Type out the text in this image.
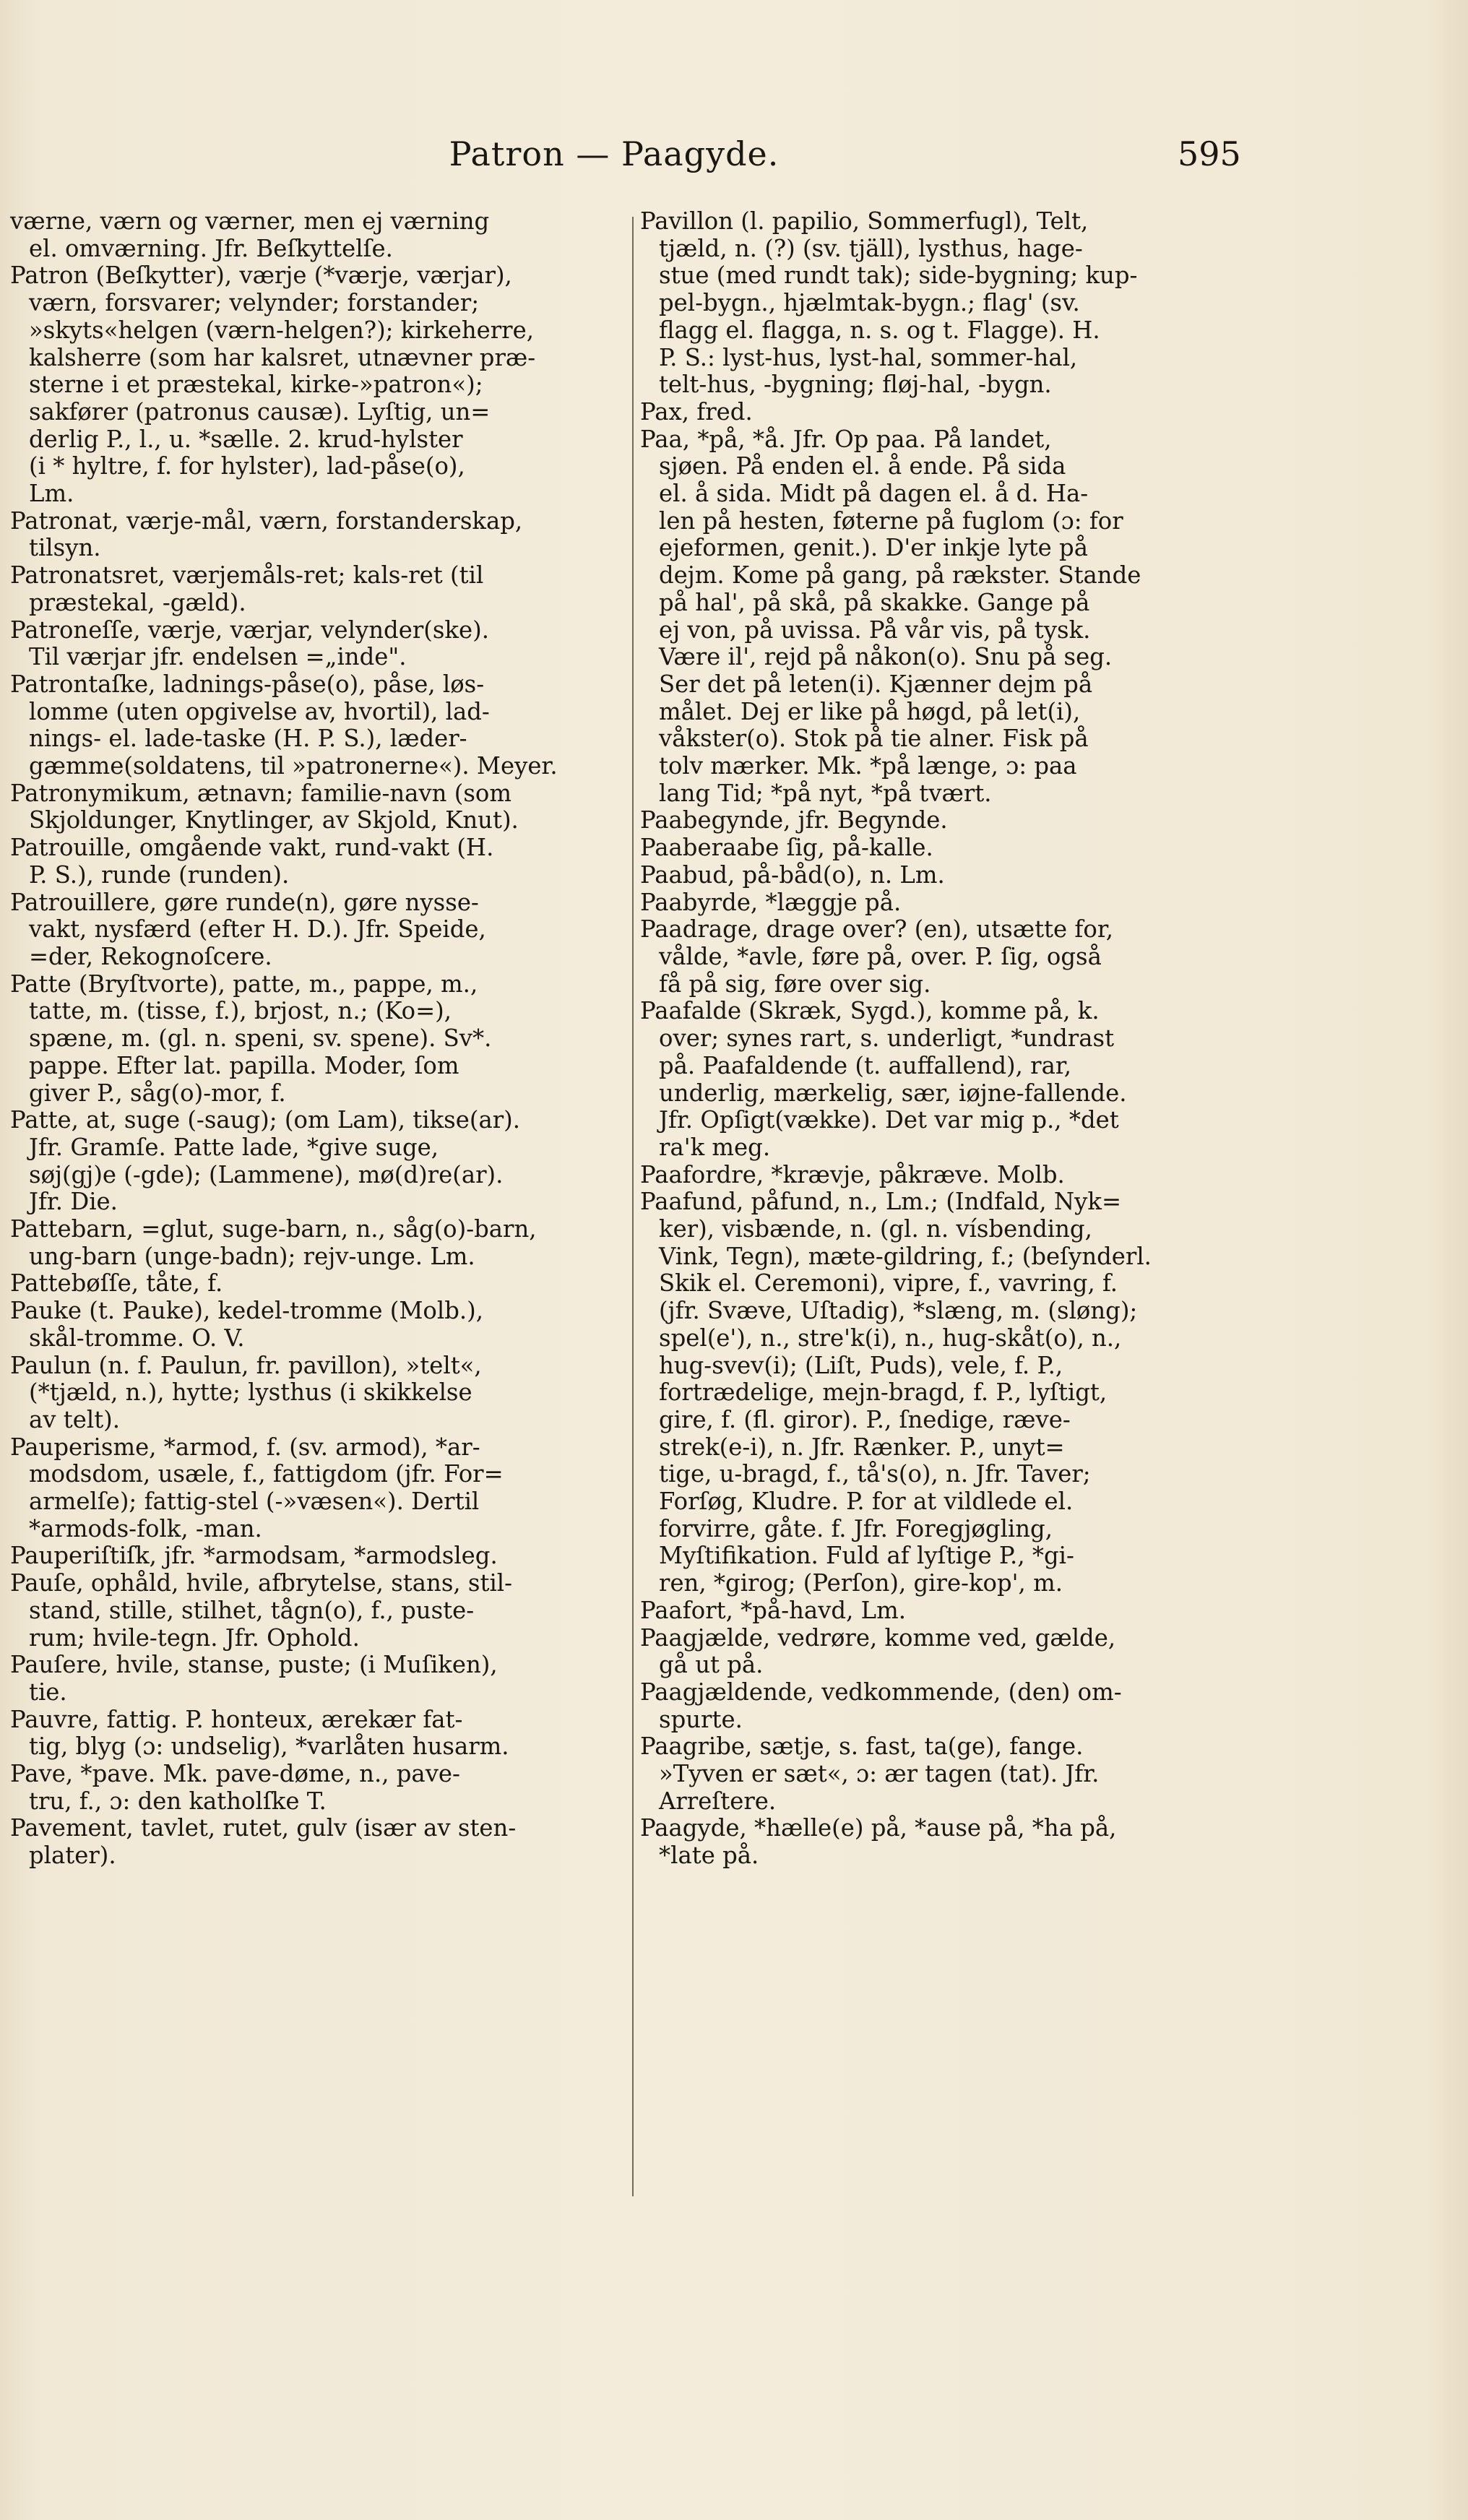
Patron — Paagyde.	595
værne, værn og værner, men ej værning
el. omværning. Jfr. Beſkyttelſe.
Patron (Beſkytter), værje (*værje, værjar),
værn, forsvarer; velynder; forstander;
»skyts«helgen (værn-helgen?); kirkeherre,
kalsherre (som har kalsret, utnævner præ-
sterne i et præstekal, kirke-»patron«);
sakfører (patronus causæ). Lyſtig, un=
derlig P., l., u. *sælle. 2. krud-hylster
(i * hyltre, f. for hylster), lad-påse(o),
Lm.
Patronat, værje-mål, værn, forstanderskap,
tilsyn.
Patronatsret, værjemåls-ret; kals-ret (til
præstekal, -gæld).
Patroneſſe, værje, værjar, velynder(ske).
Til værjar jfr. endelsen =„inde".
Patrontaſke, ladnings-påse(o), påse, løs-
lomme (uten opgivelse av, hvortil), lad-
nings- el. lade-taske (H. P. S.), læder-
gæmme(soldatens, til »patronerne«). Meyer.
Patronymikum, ætnavn; familie-navn (som
Skjoldunger, Knytlinger, av Skjold, Knut).
Patrouille, omgående vakt, rund-vakt (H.
P. S.), runde (runden).
Patrouillere, gøre runde(n), gøre nysse-
vakt, nysfærd (efter H. D.). Jfr. Speide,
=der, Rekognoſcere.
Patte (Bryſtvorte), patte, m., pappe, m.,
tatte, m. (tisse, f.), brjost, n.; (Ko=),
spæne, m. (gl. n. speni, sv. spene). Sv*.
pappe. Efter lat. papilla. Moder, ſom
giver P., såg(o)-mor, f.
Patte, at, suge (-saug); (om Lam), tikse(ar).
Jfr. Gramſe. Patte lade, *give suge,
søj(gj)e (-gde); (Lammene), mø(d)re(ar).
Jfr. Die.
Pattebarn, =glut, suge-barn, n., såg(o)-barn,
ung-barn (unge-badn); rejv-unge. Lm.
Pattebøſſe, tåte, f.
Pauke (t. Pauke), kedel-tromme (Molb.),
skål-tromme. O. V.
Paulun (n. f. Paulun, fr. pavillon), »telt«,
(*tjæld, n.), hytte; lysthus (i skikkelse
av telt).
Pauperisme, *armod, f. (sv. armod), *ar-
modsdom, usæle, f., fattigdom (jfr. For=
armelſe); fattig-stel (-»væsen«). Dertil
*armods-folk, -man.
Pauperiſtiſk, jfr. *armodsam, *armodsleg.
Pauſe, ophåld, hvile, afbrytelse, stans, stil-
stand, stille, stilhet, tågn(o), f., puste-
rum; hvile-tegn. Jfr. Ophold.
Pauſere, hvile, stanse, puste; (i Muſiken),
tie.
Pauvre, fattig. P. honteux, ærekær fat-
tig, blyg (ɔ: undselig), *varlåten husarm.
Pave, *pave. Mk. pave-døme, n., pave-
tru, f., ɔ: den katholſke T.
Pavement, tavlet, rutet, gulv (især av sten-
plater).
Pavillon (l. papilio, Sommerfugl), Telt,
tjæld, n. (?) (sv. tjäll), lysthus, hage-
stue (med rundt tak); side-bygning; kup-
pel-bygn., hjælmtak-bygn.; flag' (sv.
flagg el. flagga, n. s. og t. Flagge). H.
P. S.: lyst-hus, lyst-hal, sommer-hal,
telt-hus, -bygning; fløj-hal, -bygn.
Pax, fred.
Paa, *på, *å. Jfr. Op paa. På landet,
sjøen. På enden el. å ende. På sida
el. å sida. Midt på dagen el. å d. Ha-
len på hesten, føterne på fuglom (ɔ: for
ejeformen, genit.). D'er inkje lyte på
dejm. Kome på gang, på rækster. Stande
på hal', på skå, på skakke. Gange på
ej von, på uvissa. På vår vis, på tysk.
Være il', rejd på nåkon(o). Snu på seg.
Ser det på leten(i). Kjænner dejm på
målet. Dej er like på høgd, på let(i),
våkster(o). Stok på tie alner. Fisk på
tolv mærker. Mk. *på længe, ɔ: paa
lang Tid; *på nyt, *på tvært.
Paabegynde, jfr. Begynde.
Paaberaabe ſig, på-kalle.
Paabud, på-båd(o), n. Lm.
Paabyrde, *læggje på.
Paadrage, drage over? (en), utsætte for,
vålde, *avle, føre på, over. P. ſig, også
få på sig, føre over sig.
Paafalde (Skræk, Sygd.), komme på, k.
over; synes rart, s. underligt, *undrast
på. Paafaldende (t. auffallend), rar,
underlig, mærkelig, sær, iøjne-fallende.
Jfr. Opſigt(vække). Det var mig p., *det
ra'k meg.
Paafordre, *krævje, påkræve. Molb.
Paafund, påfund, n., Lm.; (Indfald, Nyk=
ker), visbænde, n. (gl. n. vísbending,
Vink, Tegn), mæte-gildring, f.; (beſynderl.
Skik el. Ceremoni), vipre, f., vavring, f.
(jfr. Svæve, Uſtadig), *slæng, m. (sløng);
spel(e'), n., stre'k(i), n., hug-skåt(o), n.,
hug-svev(i); (Liſt, Puds), vele, f. P.,
fortrædelige, mejn-bragd, f. P., lyſtigt,
gire, f. (fl. giror). P., ſnedige, ræve-
strek(e-i), n. Jfr. Rænker. P., unyt=
tige, u-bragd, f., tå's(o), n. Jfr. Taver;
Forſøg, Kludre. P. for at vildlede el.
forvirre, gåte. f. Jfr. Foregjøgling,
Myſtifikation. Fuld af lyſtige P., *gi-
ren, *girog; (Perſon), gire-kop', m.
Paafort, *på-havd, Lm.
Paagjælde, vedrøre, komme ved, gælde,
gå ut på.
Paagjældende, vedkommende, (den) om-
spurte.
Paagribe, sætje, s. fast, ta(ge), fange.
»Tyven er sæt«, ɔ: ær tagen (tat). Jfr.
Arreſtere.
Paagyde, *hælle(e) på, *ause på, *ha på,
*late på.
